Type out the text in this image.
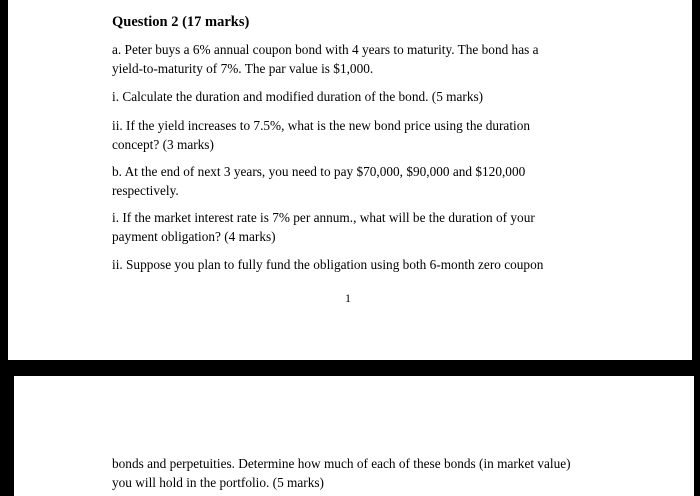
Question 2 (17 marks)

a. Peter buys a 6% annual coupon bond with 4 years to maturity. The bond has a yield-to-maturity of 7%. The par value is $1,000.

i. Calculate the duration and modified duration of the bond. (5 marks)

ii. If the yield increases to 7.5%, what is the new bond price using the duration concept? (3 marks)

b. At the end of next 3 years, you need to pay $70,000, $90,000 and $120,000 respectively.

i. If the market interest rate is 7% per annum., what will be the duration of your payment obligation? (4 marks)

ii. Suppose you plan to fully fund the obligation using both 6-month zero coupon

1

bonds and perpetuities. Determine how much of each of these bonds (in market value) you will hold in the portfolio. (5 marks)
